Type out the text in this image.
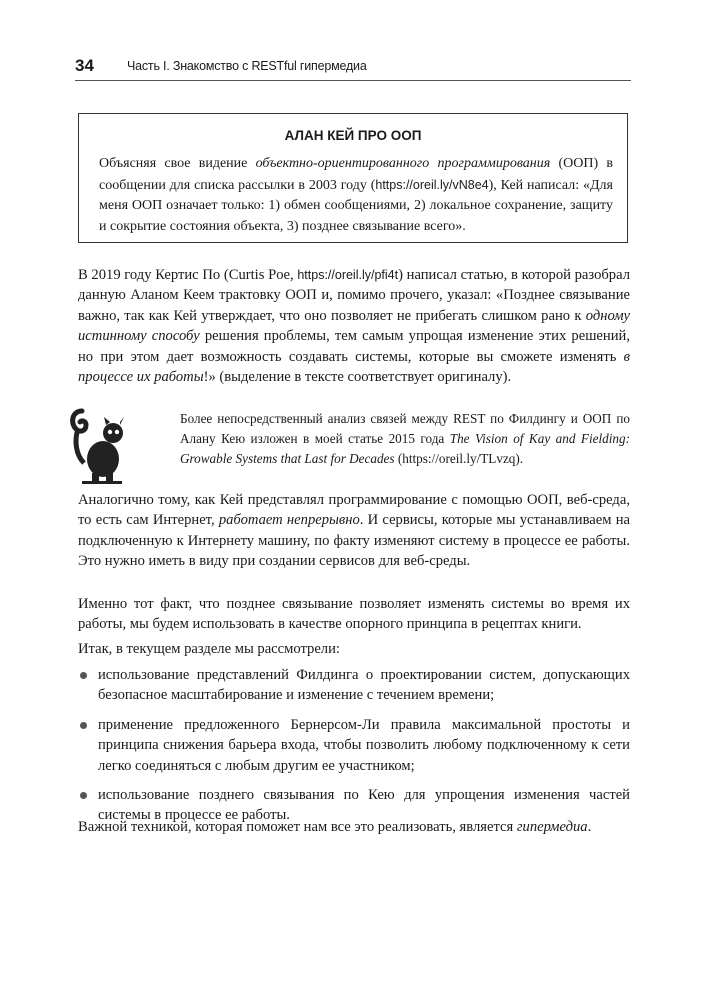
34	Часть I. Знакомство с RESTful гипермедиа
АЛАН КЕЙ ПРО ООП

Объясняя свое видение объектно-ориентированного программирования (ООП) в сообщении для списка рассылки в 2003 году (https://oreil.ly/vN8e4), Кей написал: «Для меня ООП означает только: 1) обмен сообщениями, 2) локальное сохранение, защиту и сокрытие состояния объекта, 3) позднее связывание всего».

В 2019 году Кертис По (Curtis Poe, https://oreil.ly/pfi4t) написал статью, в которой разобрал данную Аланом Кеем трактовку ООП и, помимо прочего, указал: «Позднее связывание важно, так как Кей утверждает, что оно позволяет не прибегать слишком рано к одному истинному способу решения проблемы, тем самым упрощая изменение этих решений, но при этом дает возможность создавать системы, которые вы сможете изменять в процессе их работы!» (выделение в тексте соответствует оригиналу).

Более непосредственный анализ связей между REST по Филдингу и ООП по Алану Кею изложен в моей статье 2015 года The Vision of Kay and Fielding: Growable Systems that Last for Decades (https://oreil.ly/TLvzq).

Аналогично тому, как Кей представлял программирование с помощью ООП, веб-среда, то есть сам Интернет, работает непрерывно. И сервисы, которые мы устанавливаем на подключенную к Интернету машину, по факту изменяют систему в процессе ее работы. Это нужно иметь в виду при создании сервисов для веб-среды.

Именно тот факт, что позднее связывание позволяет изменять системы во время их работы, мы будем использовать в качестве опорного принципа в рецептах книги.

Итак, в текущем разделе мы рассмотрели:

использование представлений Филдинга о проектировании систем, допускающих безопасное масштабирование и изменение с течением времени;
применение предложенного Бернерсом-Ли правила максимальной простоты и принципа снижения барьера входа, чтобы позволить любому подключенному к сети легко соединяться с любым другим ее участником;
использование позднего связывания по Кею для упрощения изменения частей системы в процессе ее работы.

Важной техникой, которая поможет нам все это реализовать, является гипермедиа.
